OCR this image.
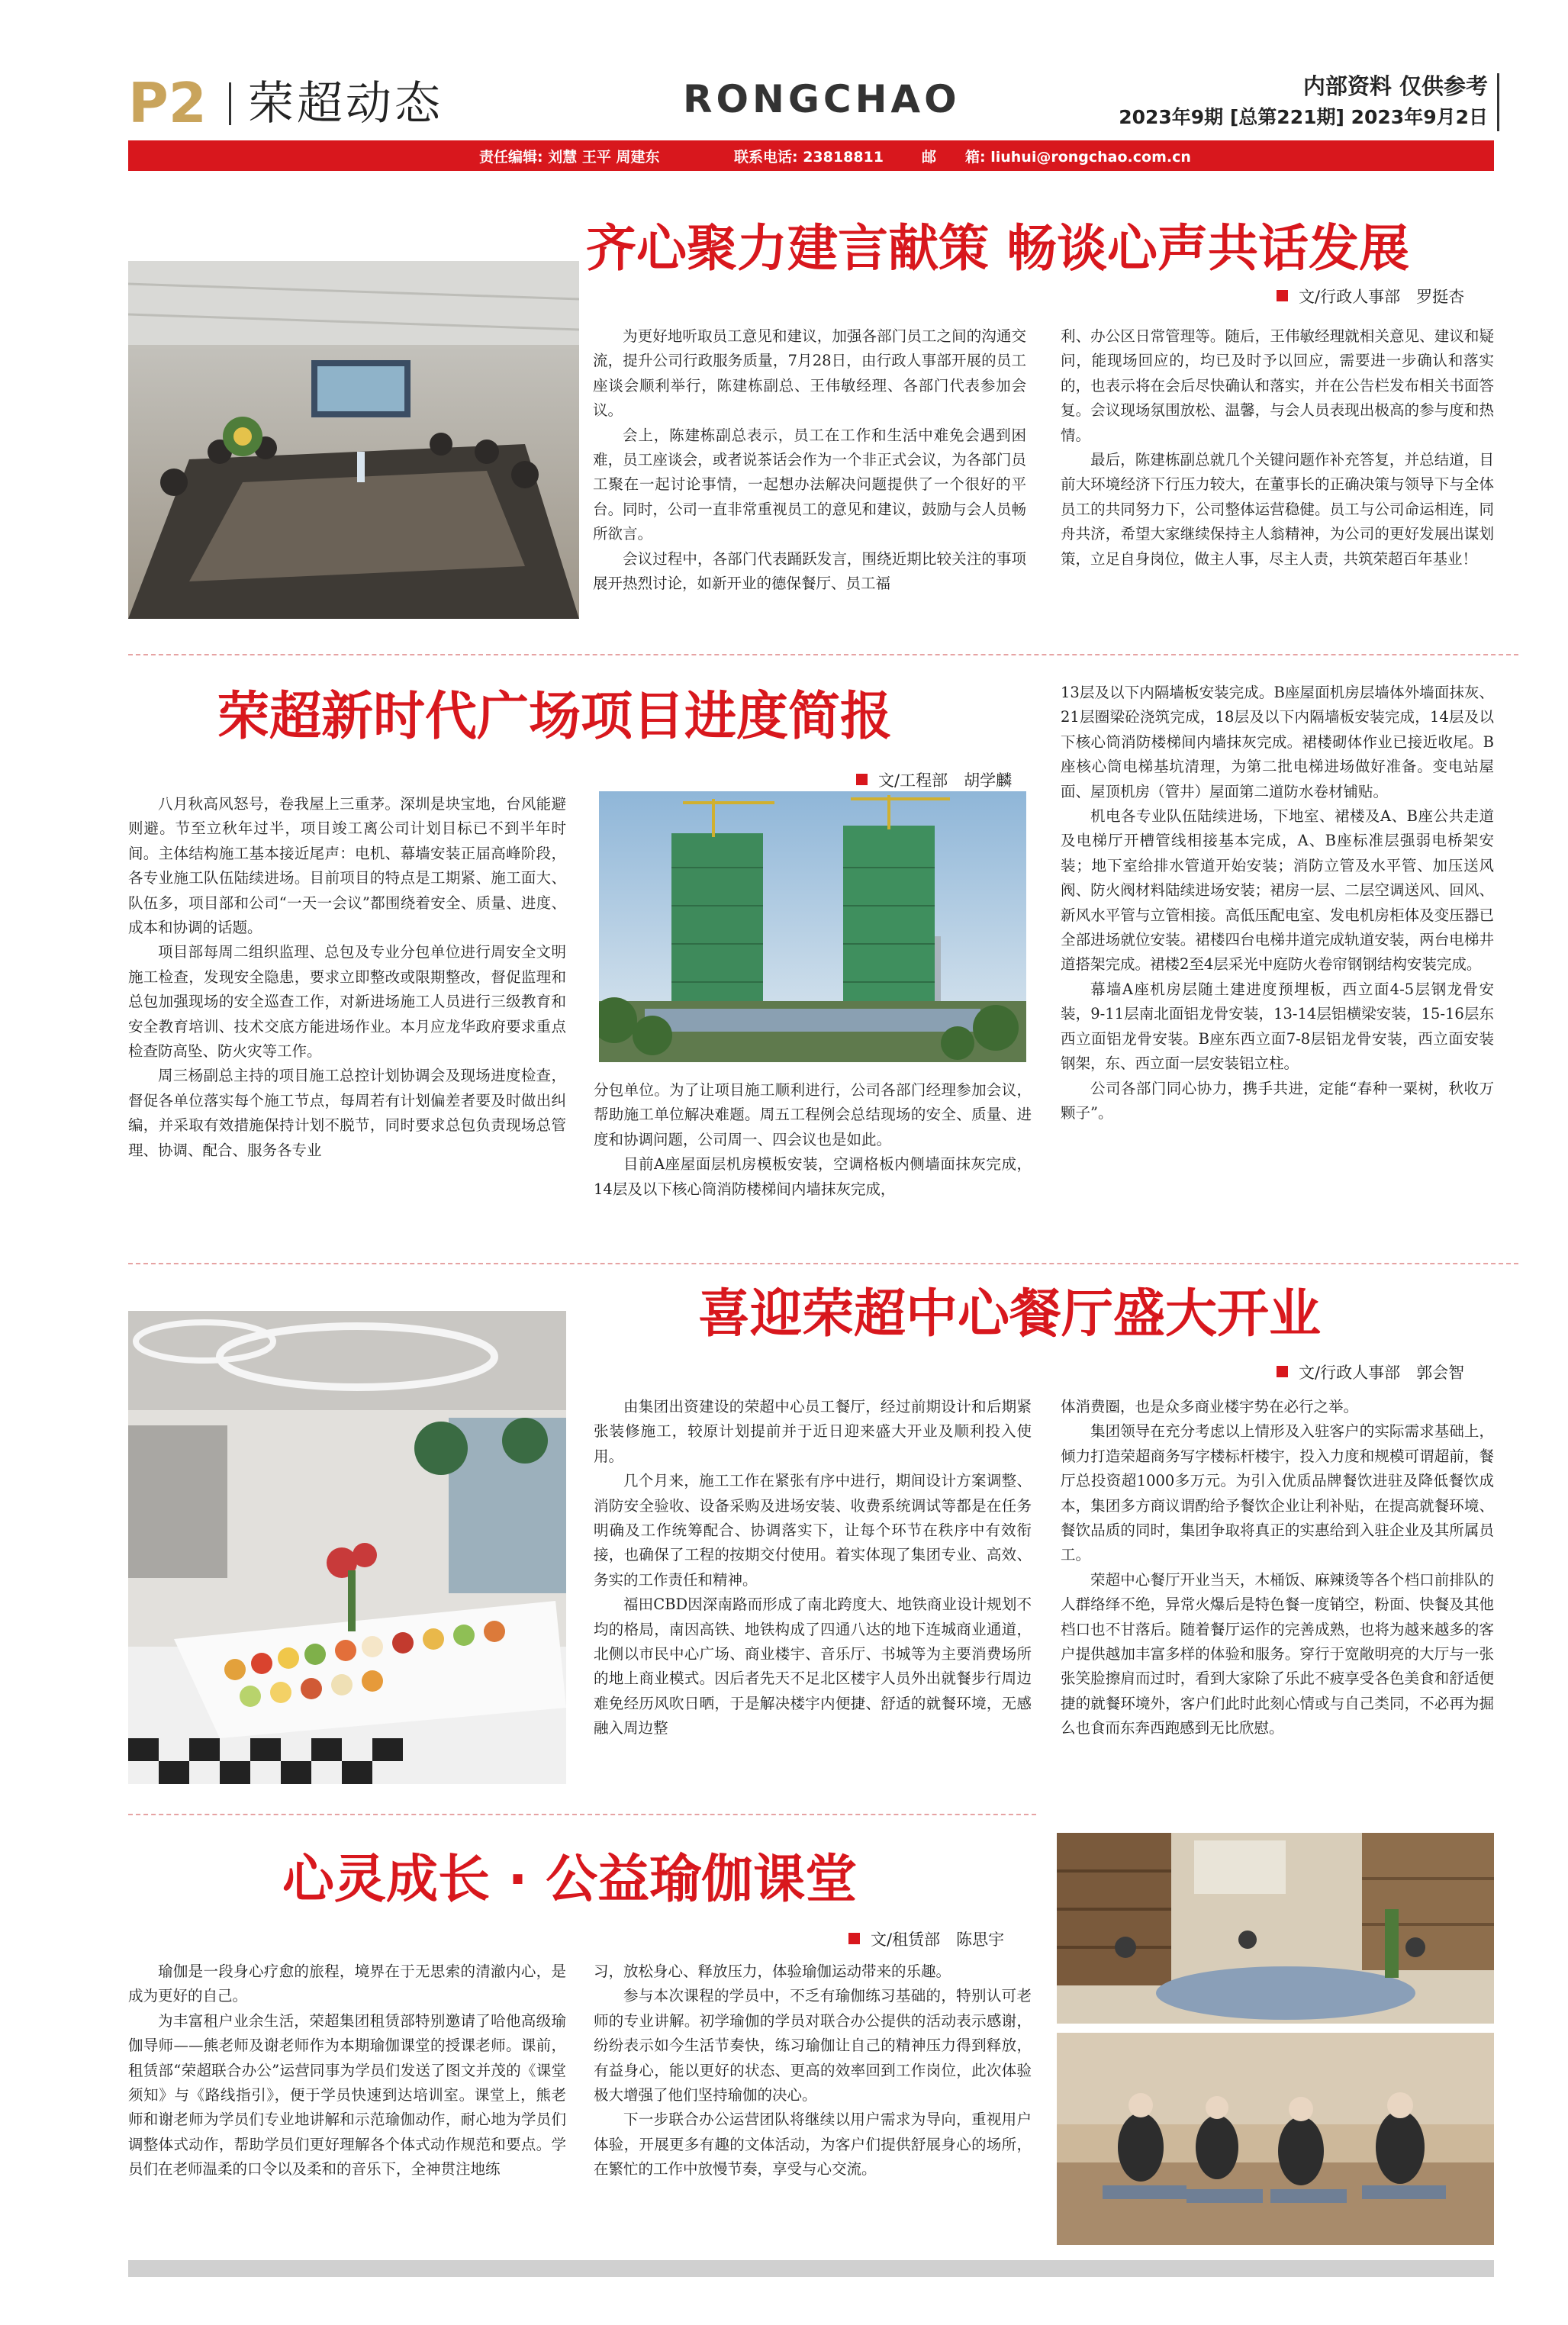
P2 荣超动态	RONGCHAO	内部资料 仅供参考
2023年9期 [总第221期] 2023年9月2日
责任编辑: 刘慧 王平 周建东	联系电话: 23818811	邮　　箱: liuhui@rongchao.com.cn
齐心聚力建言献策 畅谈心声共话发展
文/行政人事部　罗挺杏

为更好地听取员工意见和建议，加强各部门员工之间的沟通交流，提升公司行政服务质量，7月28日，由行政人事部开展的员工座谈会顺利举行，陈建栋副总、王伟敏经理、各部门代表参加会议。

会上，陈建栋副总表示，员工在工作和生活中难免会遇到困难，员工座谈会，或者说茶话会作为一个非正式会议，为各部门员工聚在一起讨论事情，一起想办法解决问题提供了一个很好的平台。同时，公司一直非常重视员工的意见和建议，鼓励与会人员畅所欲言。

会议过程中，各部门代表踊跃发言，围绕近期比较关注的事项展开热烈讨论，如新开业的德保餐厅、员工福

利、办公区日常管理等。随后，王伟敏经理就相关意见、建议和疑问，能现场回应的，均已及时予以回应，需要进一步确认和落实的，也表示将在会后尽快确认和落实，并在公告栏发布相关书面答复。会议现场氛围放松、温馨，与会人员表现出极高的参与度和热情。

最后，陈建栋副总就几个关键问题作补充答复，并总结道，目前大环境经济下行压力较大，在董事长的正确决策与领导下与全体员工的共同努力下，公司整体运营稳健。员工与公司命运相连，同舟共济，希望大家继续保持主人翁精神，为公司的更好发展出谋划策，立足自身岗位，做主人事，尽主人责，共筑荣超百年基业！

荣超新时代广场项目进度简报
文/工程部　胡学麟

八月秋高风怒号，卷我屋上三重茅。深圳是块宝地，台风能避则避。节至立秋年过半，项目竣工离公司计划目标已不到半年时间。主体结构施工基本接近尾声：电机、幕墙安装正届高峰阶段，各专业施工队伍陆续进场。目前项目的特点是工期紧、施工面大、队伍多，项目部和公司“一天一会议”都围绕着安全、质量、进度、成本和协调的话题。

项目部每周二组织监理、总包及专业分包单位进行周安全文明施工检查，发现安全隐患，要求立即整改或限期整改，督促监理和总包加强现场的安全巡查工作，对新进场施工人员进行三级教育和安全教育培训、技术交底方能进场作业。本月应龙华政府要求重点检查防高坠、防火灾等工作。

周三杨副总主持的项目施工总控计划协调会及现场进度检查，督促各单位落实每个施工节点，每周若有计划偏差者要及时做出纠编，并采取有效措施保持计划不脱节，同时要求总包负责现场总管理、协调、配合、服务各专业

分包单位。为了让项目施工顺利进行，公司各部门经理参加会议，帮助施工单位解决难题。周五工程例会总结现场的安全、质量、进度和协调问题，公司周一、四会议也是如此。

目前A座屋面层机房模板安装，空调格板内侧墙面抹灰完成，14层及以下核心筒消防楼梯间内墙抹灰完成，

13层及以下内隔墙板安装完成。B座屋面机房层墙体外墙面抹灰、21层圈梁砼浇筑完成，18层及以下内隔墙板安装完成，14层及以下核心筒消防楼梯间内墙抹灰完成。裙楼砌体作业已接近收尾。B座核心筒电梯基坑清理，为第二批电梯进场做好准备。变电站屋面、屋顶机房（管井）屋面第二道防水卷材铺贴。

机电各专业队伍陆续进场，下地室、裙楼及A、B座公共走道及电梯厅开槽管线相接基本完成，A、B座标准层强弱电桥架安装；地下室给排水管道开始安装；消防立管及水平管、加压送风阀、防火阀材料陆续进场安装；裙房一层、二层空调送风、回风、新风水平管与立管相接。高低压配电室、发电机房柜体及变压器已全部进场就位安装。裙楼四台电梯井道完成轨道安装，两台电梯井道搭架完成。裙楼2至4层采光中庭防火卷帘钢钢结构安装完成。

幕墙A座机房层随土建进度预埋板，西立面4-5层钢龙骨安装，9-11层南北面铝龙骨安装，13-14层铝横梁安装，15-16层东西立面铝龙骨安装。B座东西立面7-8层铝龙骨安装，西立面安装钢架，东、西立面一层安装铝立柱。

公司各部门同心协力，携手共进，定能“春种一粟树，秋收万颗子”。

喜迎荣超中心餐厅盛大开业
文/行政人事部　郭会智

由集团出资建设的荣超中心员工餐厅，经过前期设计和后期紧张装修施工，较原计划提前并于近日迎来盛大开业及顺利投入使用。

几个月来，施工工作在紧张有序中进行，期间设计方案调整、消防安全验收、设备采购及进场安装、收费系统调试等都是在任务明确及工作统筹配合、协调落实下，让每个环节在秩序中有效衔接，也确保了工程的按期交付使用。着实体现了集团专业、高效、务实的工作责任和精神。

福田CBD因深南路而形成了南北跨度大、地铁商业设计规划不均的格局，南因高铁、地铁构成了四通八达的地下连城商业通道，北侧以市民中心广场、商业楼宇、音乐厅、书城等为主要消费场所的地上商业模式。因后者先天不足北区楼宇人员外出就餐步行周边难免经历风吹日晒，于是解决楼宇内便捷、舒适的就餐环境，无感融入周边整

体消费圈，也是众多商业楼宇势在必行之举。

集团领导在充分考虑以上情形及入驻客户的实际需求基础上，倾力打造荣超商务写字楼标杆楼宇，投入力度和规模可谓超前，餐厅总投资超1000多万元。为引入优质品牌餐饮进驻及降低餐饮成本，集团多方商议谓酌给予餐饮企业让利补贴，在提高就餐环境、餐饮品质的同时，集团争取将真正的实惠给到入驻企业及其所属员工。

荣超中心餐厅开业当天，木桶饭、麻辣烫等各个档口前排队的人群络绎不绝，异常火爆后是特色餐一度销空，粉面、快餐及其他档口也不甘落后。随着餐厅运作的完善成熟，也将为越来越多的客户提供越加丰富多样的体验和服务。穿行于宽敞明亮的大厅与一张张笑脸擦肩而过时，看到大家除了乐此不疲享受各色美食和舒适便捷的就餐环境外，客户们此时此刻心情或与自己类同，不必再为掘么也食而东奔西跑感到无比欣慰。

心灵成长 · 公益瑜伽课堂
文/租赁部　陈思宇

瑜伽是一段身心疗愈的旅程，境界在于无思索的清澈内心，是成为更好的自己。

为丰富租户业余生活，荣超集团租赁部特别邀请了哈他高级瑜伽导师——熊老师及谢老师作为本期瑜伽课堂的授课老师。课前，租赁部“荣超联合办公”运营同事为学员们发送了图文并茂的《课堂须知》与《路线指引》，便于学员快速到达培训室。课堂上，熊老师和谢老师为学员们专业地讲解和示范瑜伽动作，耐心地为学员们调整体式动作，帮助学员们更好理解各个体式动作规范和要点。学员们在老师温柔的口令以及柔和的音乐下，全神贯注地练

习，放松身心、释放压力，体验瑜伽运动带来的乐趣。

参与本次课程的学员中，不乏有瑜伽练习基础的，特别认可老师的专业讲解。初学瑜伽的学员对联合办公提供的活动表示感谢，纷纷表示如今生活节奏快，练习瑜伽让自己的精神压力得到释放，有益身心，能以更好的状态、更高的效率回到工作岗位，此次体验极大增强了他们坚持瑜伽的决心。

下一步联合办公运营团队将继续以用户需求为导向，重视用户体验，开展更多有趣的文体活动，为客户们提供舒展身心的场所，在繁忙的工作中放慢节奏，享受与心交流。
